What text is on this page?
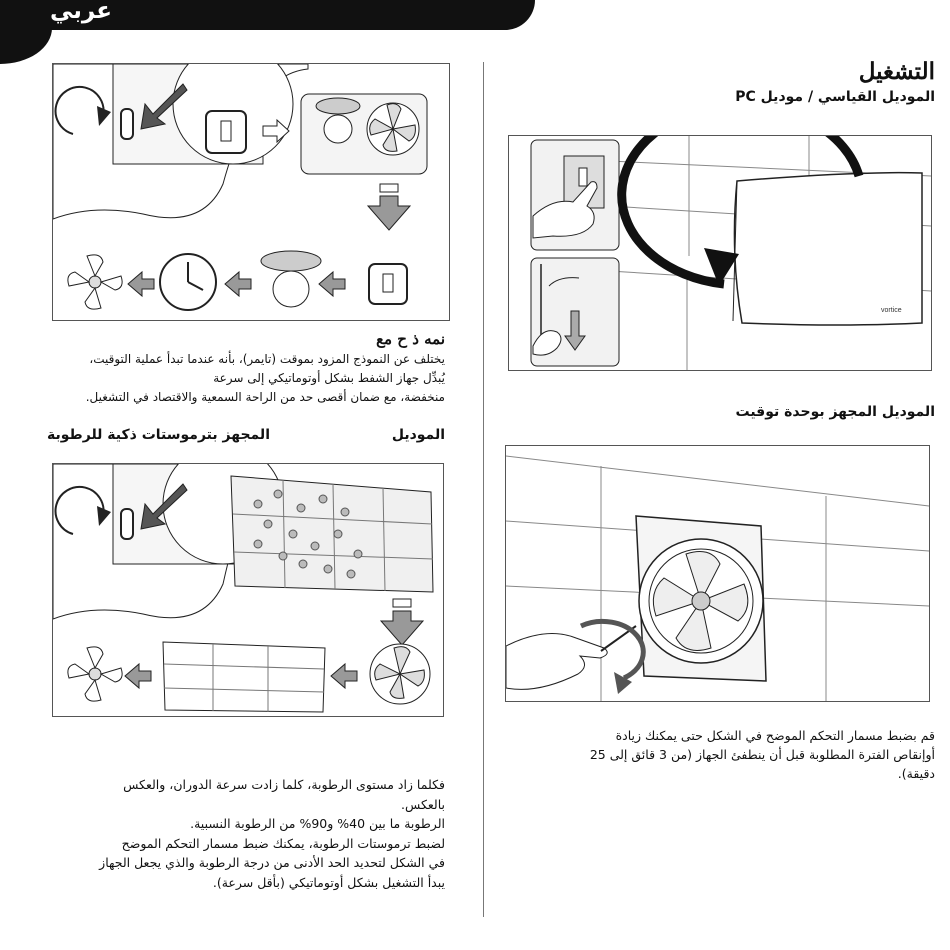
عربي
التشغيل
الموديل القياسي / موديل PC
vortice
الموديل المجهز بوحدة توقيت
قم بضبط مسمار التحكم الموضح في الشكل حتى يمكنك زيادة
أوإنقاص الفترة المطلوبة قبل أن ينطفئ الجهاز (من 3 قائق إلى 25
دقيقة).
نمه ذ ح مع
يختلف عن النموذج المزود بموقت (تايمر)، بأنه عندما تبدأ عملية التوقيت،
يُبدِّل جهاز الشفط بشكل أوتوماتيكي إلى سرعة
منخفضة، مع ضمان أقصى حد من الراحة السمعية والاقتصاد في التشغيل.
الموديل
المجهز بترموستات ذكية للرطوبة
فكلما زاد مستوى الرطوبة، كلما زادت سرعة الدوران، والعكس
بالعكس.
الرطوبة ما بين 40% و90% من الرطوبة النسبية.
لضبط ترموستات الرطوبة، يمكنك ضبط مسمار التحكم الموضح
في الشكل لتحديد الحد الأدنى من درجة الرطوبة والذي يجعل الجهاز
يبدأ التشغيل بشكل أوتوماتيكي (بأقل سرعة).
